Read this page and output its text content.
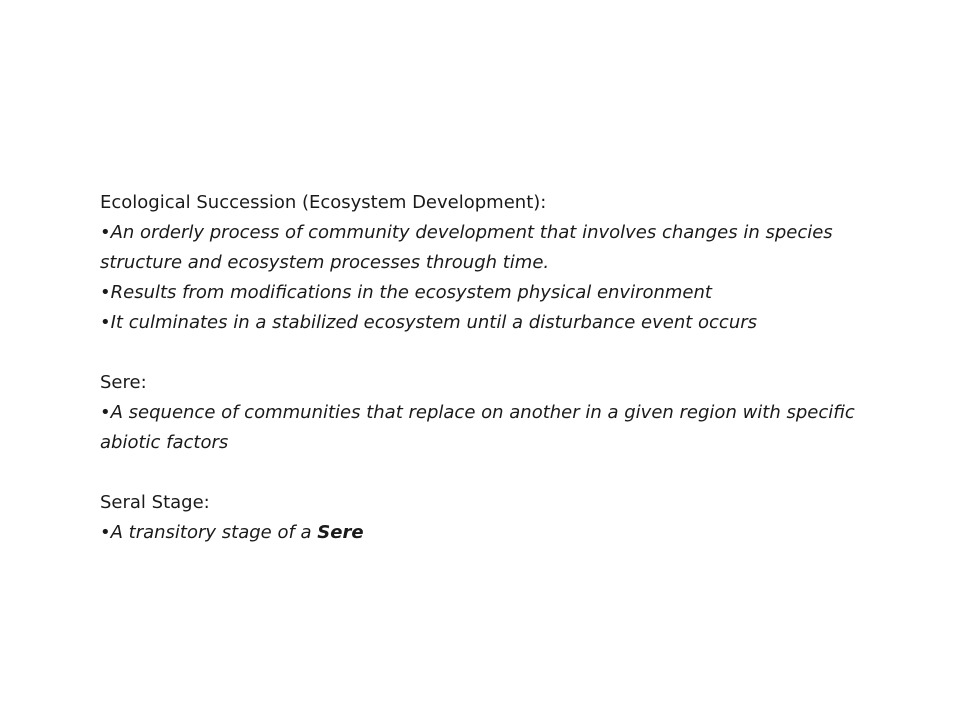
Ecological Succession (Ecosystem Development):

•An orderly process of community development that involves changes in species structure and ecosystem processes through time.

•Results from modifications in the ecosystem physical environment

•It culminates in a stabilized ecosystem until a disturbance event occurs

Sere:

•A sequence of communities that replace on another in a given region with specific abiotic factors

Seral Stage:

•A transitory stage of a Sere
